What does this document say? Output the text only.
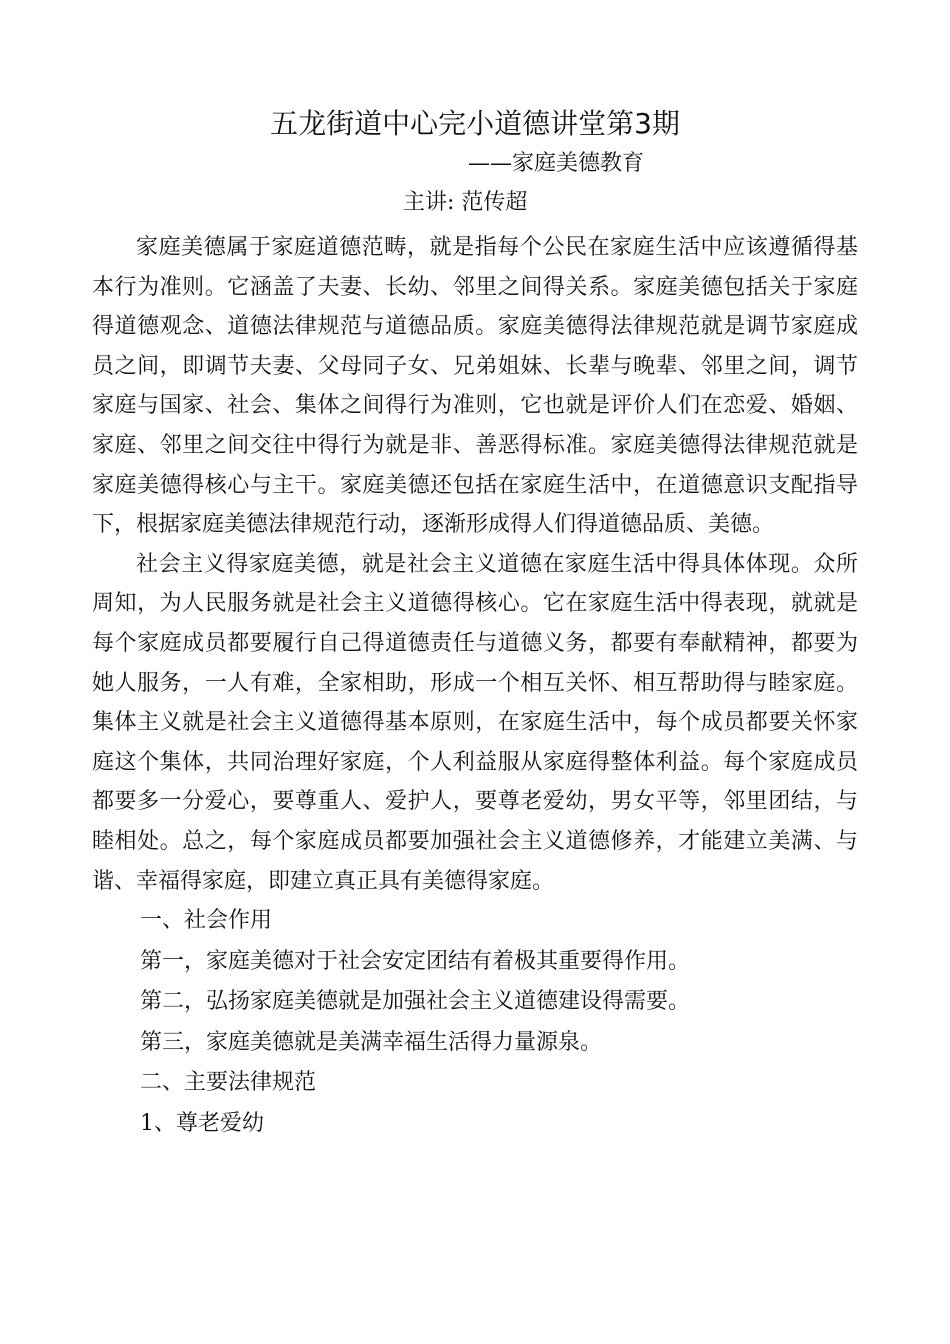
五龙街道中心完小道德讲堂第3期

——家庭美德教育

主讲: 范传超

家庭美德属于家庭道德范畴，就是指每个公民在家庭生活中应该遵循得基本行为准则。它涵盖了夫妻、长幼、邻里之间得关系。家庭美德包括关于家庭得道德观念、道德法律规范与道德品质。家庭美德得法律规范就是调节家庭成员之间，即调节夫妻、父母同子女、兄弟姐妹、长辈与晚辈、邻里之间，调节家庭与国家、社会、集体之间得行为准则，它也就是评价人们在恋爱、婚姻、家庭、邻里之间交往中得行为就是非、善恶得标准。家庭美德得法律规范就是家庭美德得核心与主干。家庭美德还包括在家庭生活中，在道德意识支配指导下，根据家庭美德法律规范行动，逐渐形成得人们得道德品质、美德。

社会主义得家庭美德，就是社会主义道德在家庭生活中得具体体现。众所周知，为人民服务就是社会主义道德得核心。它在家庭生活中得表现，就就是每个家庭成员都要履行自己得道德责任与道德义务，都要有奉献精神，都要为她人服务，一人有难，全家相助，形成一个相互关怀、相互帮助得与睦家庭。集体主义就是社会主义道德得基本原则，在家庭生活中，每个成员都要关怀家庭这个集体，共同治理好家庭，个人利益服从家庭得整体利益。每个家庭成员都要多一分爱心，要尊重人、爱护人，要尊老爱幼，男女平等，邻里团结，与睦相处。总之，每个家庭成员都要加强社会主义道德修养，才能建立美满、与谐、幸福得家庭，即建立真正具有美德得家庭。

一、社会作用

第一，家庭美德对于社会安定团结有着极其重要得作用。

第二，弘扬家庭美德就是加强社会主义道德建设得需要。

第三，家庭美德就是美满幸福生活得力量源泉。

二、主要法律规范

1、尊老爱幼
